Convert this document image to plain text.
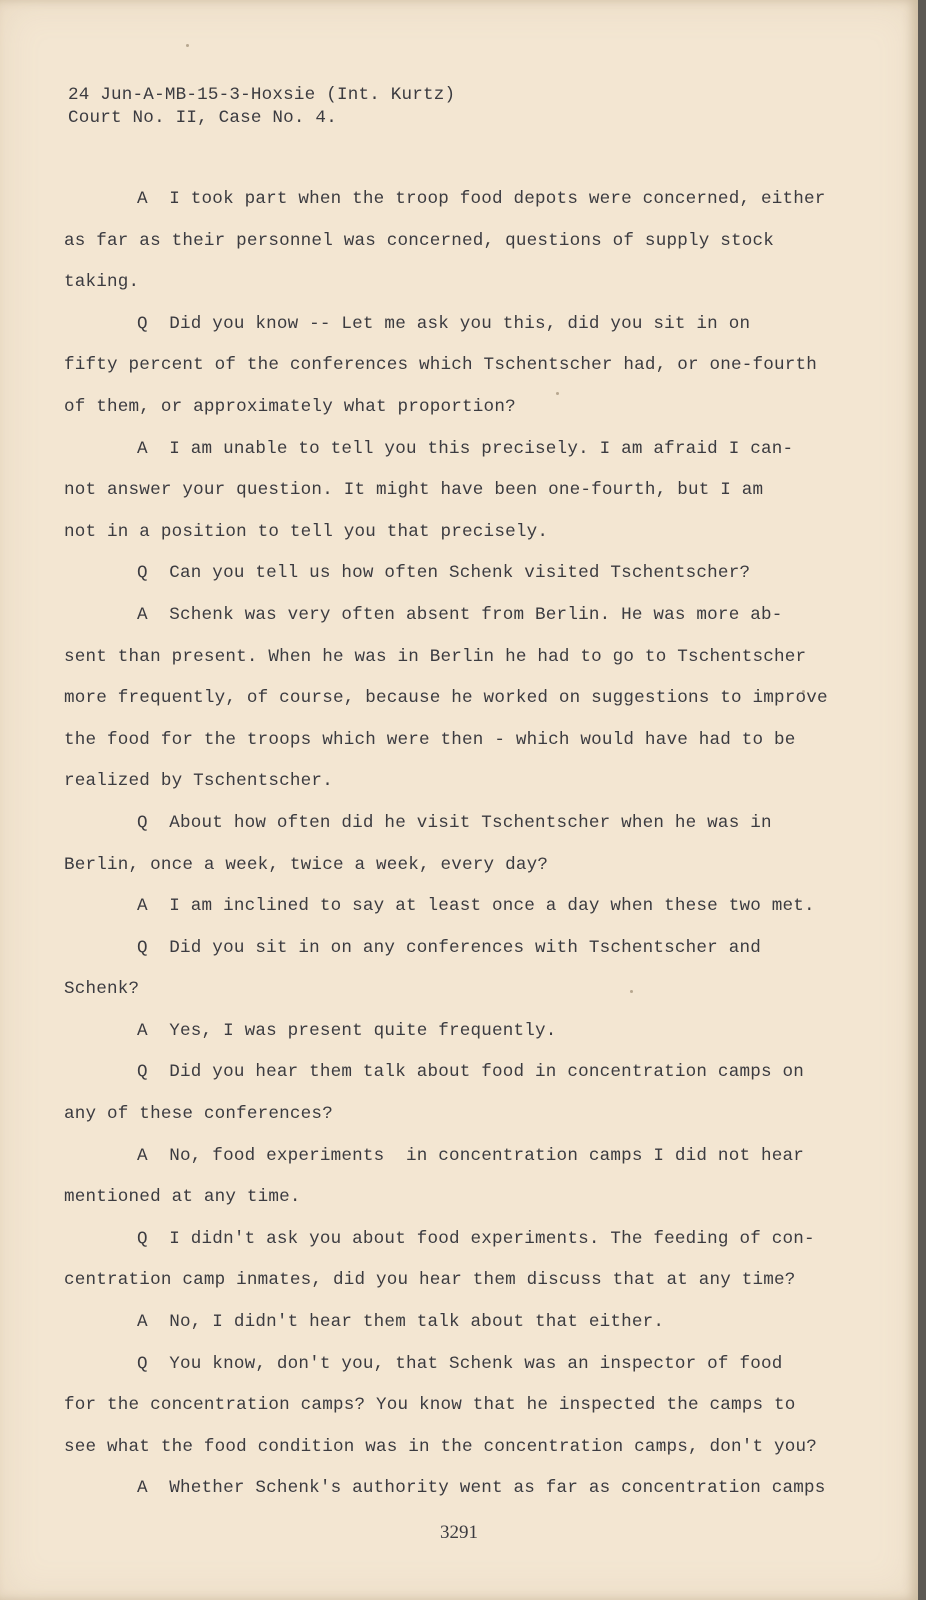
24 Jun-A-MB-15-3-Hoxsie (Int. Kurtz)
Court No. II, Case No. 4.
A  I took part when the troop food depots were concerned, either
as far as their personnel was concerned, questions of supply stock
taking.
Q  Did you know -- Let me ask you this, did you sit in on
fifty percent of the conferences which Tschentscher had, or one-fourth
of them, or approximately what proportion?
A  I am unable to tell you this precisely. I am afraid I can-
not answer your question. It might have been one-fourth, but I am
not in a position to tell you that precisely.
Q  Can you tell us how often Schenk visited Tschentscher?
A  Schenk was very often absent from Berlin. He was more ab-
sent than present. When he was in Berlin he had to go to Tschentscher
more frequently, of course, because he worked on suggestions to improve
the food for the troops which were then - which would have had to be
realized by Tschentscher.
Q  About how often did he visit Tschentscher when he was in
Berlin, once a week, twice a week, every day?
A  I am inclined to say at least once a day when these two met.
Q  Did you sit in on any conferences with Tschentscher and
Schenk?
A  Yes, I was present quite frequently.
Q  Did you hear them talk about food in concentration camps on
any of these conferences?
A  No, food experiments  in concentration camps I did not hear
mentioned at any time.
Q  I didn't ask you about food experiments. The feeding of con-
centration camp inmates, did you hear them discuss that at any time?
A  No, I didn't hear them talk about that either.
Q  You know, don't you, that Schenk was an inspector of food
for the concentration camps? You know that he inspected the camps to
see what the food condition was in the concentration camps, don't you?
A  Whether Schenk's authority went as far as concentration camps
3291
